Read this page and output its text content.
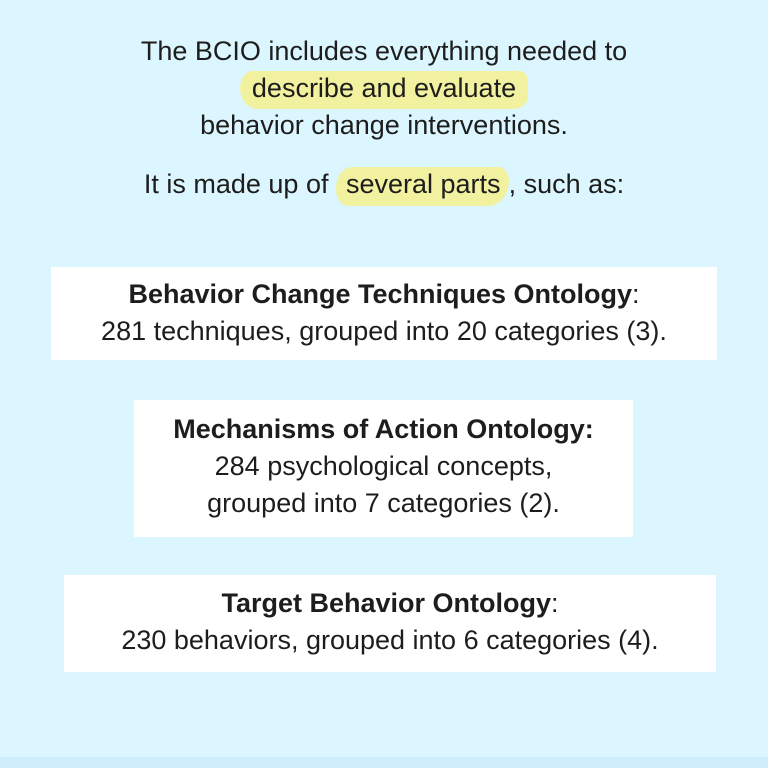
The BCIO includes everything needed to
describe and evaluate
behavior change interventions.
It is made up of several parts , such as:
Behavior Change Techniques Ontology:
281 techniques, grouped into 20 categories (3).
Mechanisms of Action Ontology:
284 psychological concepts,
grouped into 7 categories (2).
Target Behavior Ontology:
230 behaviors, grouped into 6 categories (4).
